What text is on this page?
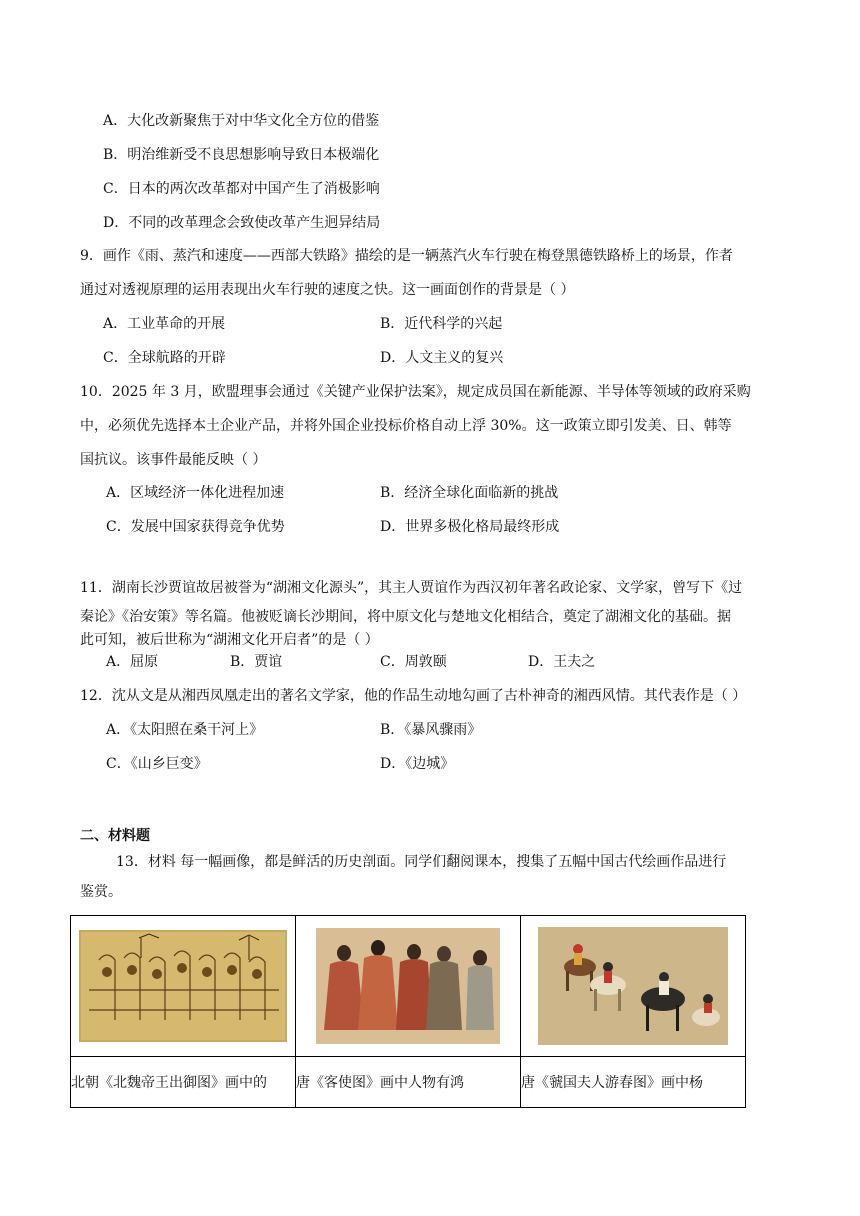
A．大化改新聚焦于对中华文化全方位的借鉴
B．明治维新受不良思想影响导致日本极端化
C．日本的两次改革都对中国产生了消极影响
D．不同的改革理念会致使改革产生迥异结局
9．画作《雨、蒸汽和速度——西部大铁路》描绘的是一辆蒸汽火车行驶在梅登黑德铁路桥上的场景，作者
通过对透视原理的运用表现出火车行驶的速度之快。这一画面创作的背景是（ ）
A．工业革命的开展	B．近代科学的兴起
C．全球航路的开辟	D．人文主义的复兴
10．2025 年 3 月，欧盟理事会通过《关键产业保护法案》，规定成员国在新能源、半导体等领域的政府采购
中，必须优先选择本土企业产品，并将外国企业投标价格自动上浮 30%。这一政策立即引发美、日、韩等
国抗议。该事件最能反映（ ）
A．区域经济一体化进程加速	B．经济全球化面临新的挑战
C．发展中国家获得竞争优势	D．世界多极化格局最终形成
11．湖南长沙贾谊故居被誉为“湖湘文化源头”，其主人贾谊作为西汉初年著名政论家、文学家，曾写下《过
秦论》《治安策》等名篇。他被贬谪长沙期间，将中原文化与楚地文化相结合，奠定了湖湘文化的基础。据
此可知，被后世称为“湖湘文化开启者”的是（ ）
A．屈原	B．贾谊	C．周敦颐	D．王夫之
12．沈从文是从湘西凤凰走出的著名文学家，他的作品生动地勾画了古朴神奇的湘西风情。其代表作是（ ）
A．《太阳照在桑干河上》	B．《暴风骤雨》
C．《山乡巨变》	D．《边城》
二、材料题
13．材料 每一幅画像，都是鲜活的历史剖面。同学们翻阅课本，搜集了五幅中国古代绘画作品进行
鉴赏。

北朝《北魏帝王出御图》画中的	唐《客使图》画中人物有鸿	唐《虢国夫人游春图》画中杨
